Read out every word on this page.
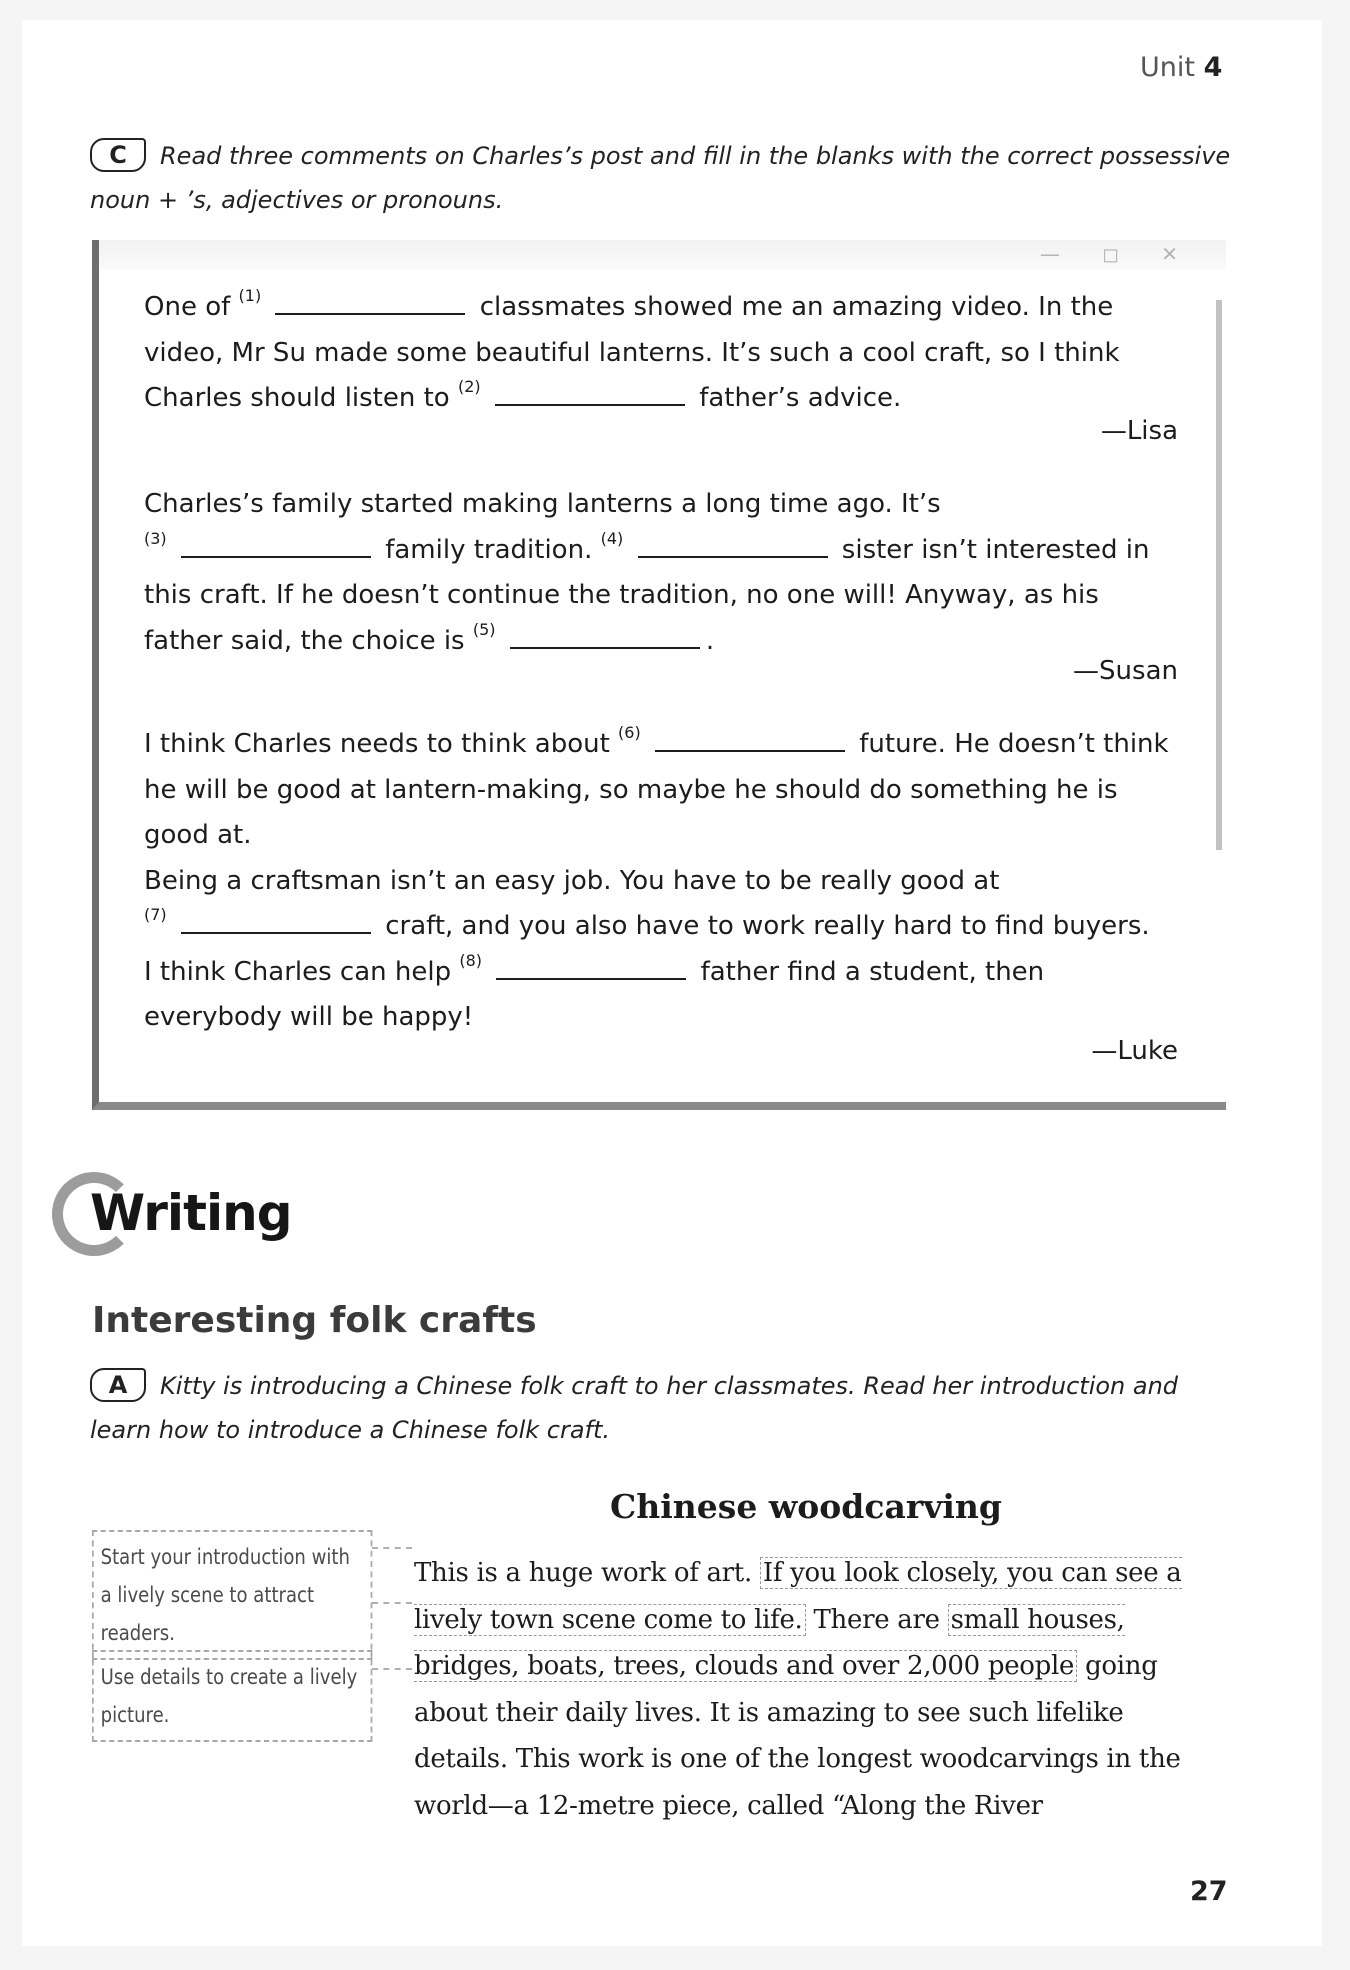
Unit 4
C Read three comments on Charles’s post and fill in the blanks with the correct possessive noun + ’s, adjectives or pronouns.
— ◻ ✕
One of $^{(1)}$	classmates showed me an amazing video. In the video, Mr Su made some beautiful lanterns. It’s such a cool craft, so I think Charles should listen to $^{(2)}$	father’s advice.
—Lisa
Charles’s family started making lanterns a long time ago. It’s
$^{(3)}$	family tradition. $^{(4)}$	sister isn’t interested in this craft. If he doesn’t continue the tradition, no one will! Anyway, as his father said, the choice is $^{(5)}$	.
—Susan
I think Charles needs to think about $^{(6)}$	future. He doesn’t think he will be good at lantern-making, so maybe he should do something he is good at.
Being a craftsman isn’t an easy job. You have to be really good at
$^{(7)}$	craft, and you also have to work really hard to find buyers.
I think Charles can help $^{(8)}$	father find a student, then everybody will be happy!
—Luke
Writing
Interesting folk crafts
A Kitty is introducing a Chinese folk craft to her classmates. Read her introduction and learn how to introduce a Chinese folk craft.
Start your introduction with a lively scene to attract readers.
Use details to create a lively picture.
Chinese woodcarving
This is a huge work of art. If you look closely, you can see a lively town scene come to life. There are small houses, bridges, boats, trees, clouds and over 2,000 people going about their daily lives. It is amazing to see such lifelike details. This work is one of the longest woodcarvings in the world—a 12-metre piece, called “Along the River
27
